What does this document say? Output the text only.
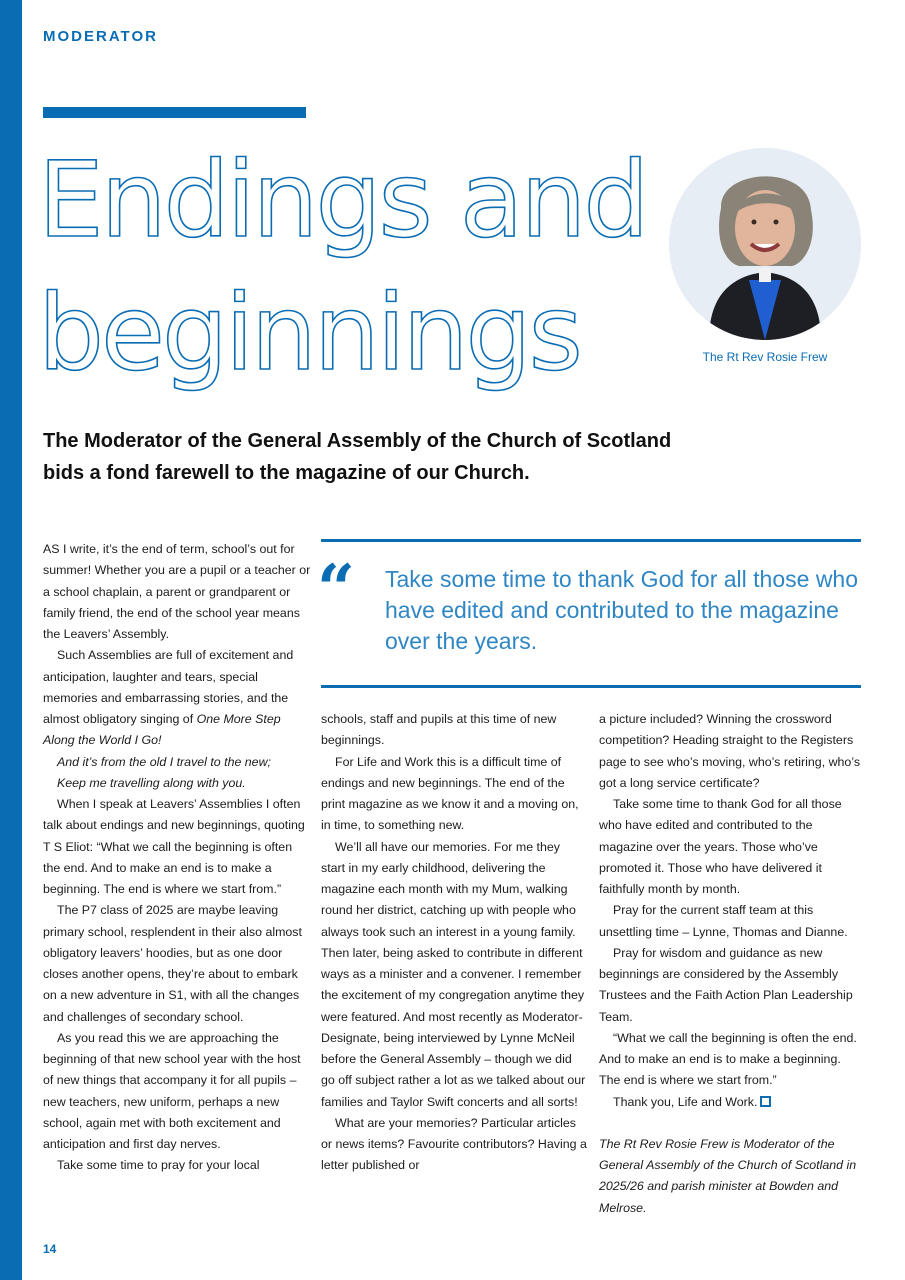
MODERATOR
Endings and
beginnings	The Rt Rev Rosie Frew
The Moderator of the General Assembly of the Church of Scotland
bids a fond farewell to the magazine of our Church.

AS I write, it’s the end of term, school’s out for summer! Whether you are a pupil or a teacher or a school chaplain, a parent or grandparent or family friend, the end of the school year means the Leavers’ Assembly.

Such Assemblies are full of excitement and anticipation, laughter and tears, special memories and embarrassing stories, and the almost obligatory singing of One More Step Along the World I Go!

And it’s from the old I travel to the new;

Keep me travelling along with you.

When I speak at Leavers’ Assemblies I often talk about endings and new beginnings, quoting T S Eliot: “What we call the beginning is often the end. And to make an end is to make a beginning. The end is where we start from.”

The P7 class of 2025 are maybe leaving primary school, resplendent in their also almost obligatory leavers’ hoodies, but as one door closes another opens, they’re about to embark on a new adventure in S1, with all the changes and challenges of secondary school.

As you read this we are approaching the beginning of that new school year with the host of new things that accompany it for all pupils – new teachers, new uniform, perhaps a new school, again met with both excitement and anticipation and first day nerves.

Take some time to pray for your local

“ Take some time to thank God for all those who have edited and contributed to the magazine over the years.

schools, staff and pupils at this time of new beginnings.

For Life and Work this is a difficult time of endings and new beginnings. The end of the print magazine as we know it and a moving on, in time, to something new.

We’ll all have our memories. For me they start in my early childhood, delivering the magazine each month with my Mum, walking round her district, catching up with people who always took such an interest in a young family. Then later, being asked to contribute in different ways as a minister and a convener. I remember the excitement of my congregation anytime they were featured. And most recently as Moderator-Designate, being interviewed by Lynne McNeil before the General Assembly – though we did go off subject rather a lot as we talked about our families and Taylor Swift concerts and all sorts!

What are your memories? Particular articles or news items? Favourite contributors? Having a letter published or

a picture included? Winning the crossword competition? Heading straight to the Registers page to see who’s moving, who’s retiring, who’s got a long service certificate?

Take some time to thank God for all those who have edited and contributed to the magazine over the years. Those who’ve promoted it. Those who have delivered it faithfully month by month.

Pray for the current staff team at this unsettling time – Lynne, Thomas and Dianne.

Pray for wisdom and guidance as new beginnings are considered by the Assembly Trustees and the Faith Action Plan Leadership Team.

“What we call the beginning is often the end. And to make an end is to make a beginning. The end is where we start from.”

Thank you, Life and Work.

The Rt Rev Rosie Frew is Moderator of the General Assembly of the Church of Scotland in 2025/26 and parish minister at Bowden and Melrose.

14
